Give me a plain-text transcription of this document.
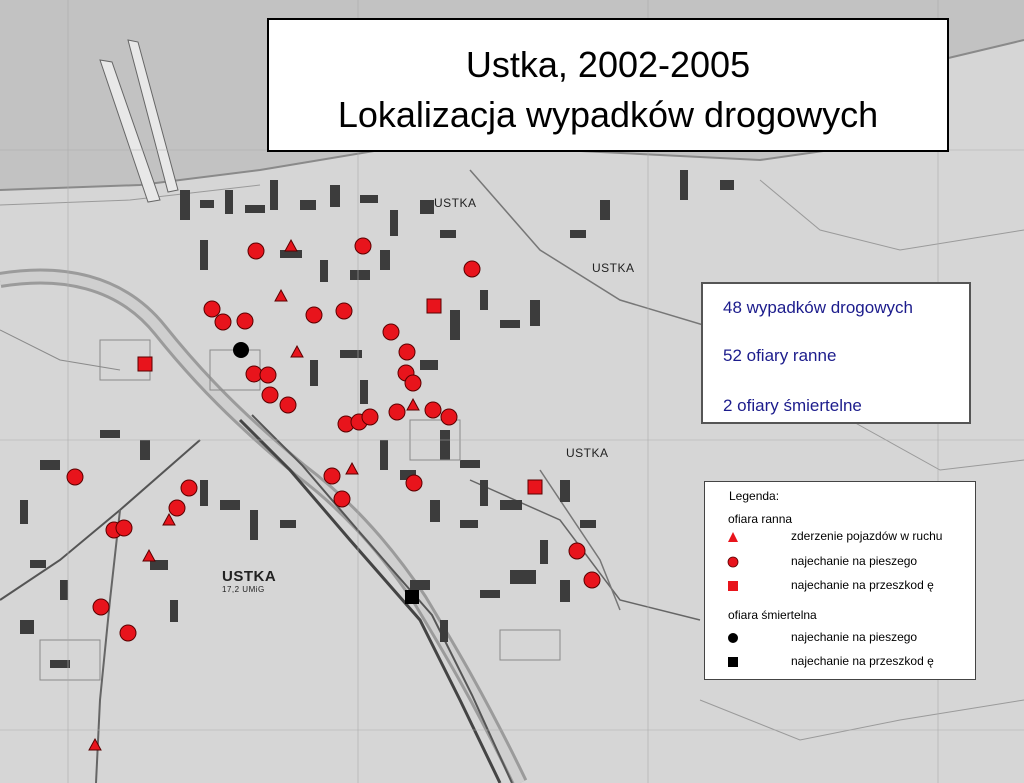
USTKA
USTKA
USTKA
USTKA
17,2 UMiG
Ustka, 2002-2005
Lokalizacja wypadków drogowych
48 wypadków drogowych
52 ofiary ranne
2 ofiary śmiertelne
Legenda:
ofiara ranna
zderzenie pojazdów w ruchu
najechanie na pieszego
najechanie na przeszkod ę
ofiara śmiertelna
najechanie na pieszego
najechanie na przeszkod ę
